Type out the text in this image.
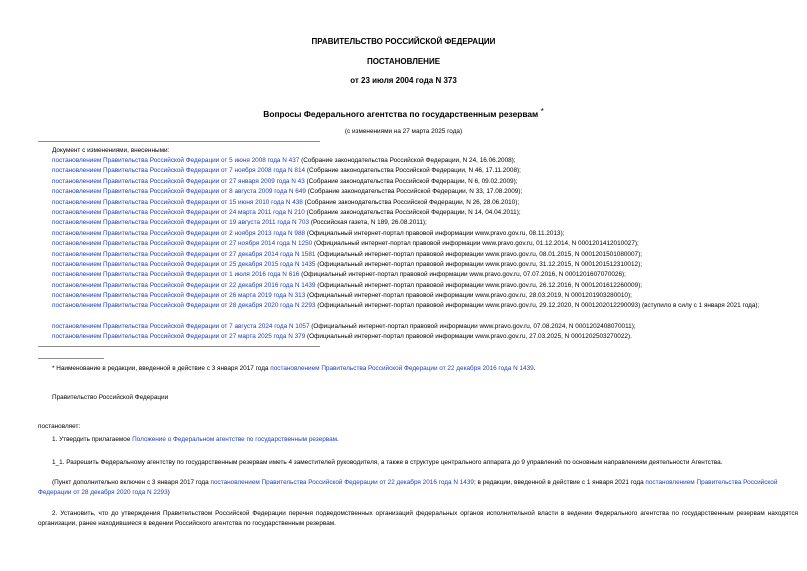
ПРАВИТЕЛЬСТВО РОССИЙСКОЙ ФЕДЕРАЦИИ
ПОСТАНОВЛЕНИЕ
от 23 июля 2004 года N 373
Вопросы Федерального агентства по государственным резервам *
(с изменениями на 27 марта 2025 года)
Документ с изменениями, внесенными:
постановлением Правительства Российской Федерации от 5 июня 2008 года N 437 (Собрание законодательства Российской Федерации, N 24, 16.06.2008);
постановлением Правительства Российской Федерации от 7 ноября 2008 года N 814 (Собрание законодательства Российской Федерации, N 46, 17.11.2008);
постановлением Правительства Российской Федерации от 27 января 2009 года N 43 (Собрание законодательства Российской Федерации, N 6, 09.02.2009);
постановлением Правительства Российской Федерации от 8 августа 2009 года N 649 (Собрание законодательства Российской Федерации, N 33, 17.08.2009);
постановлением Правительства Российской Федерации от 15 июня 2010 года N 438 (Собрание законодательства Российской Федерации, N 26, 28.06.2010);
постановлением Правительства Российской Федерации от 24 марта 2011 года N 210 (Собрание законодательства Российской Федерации, N 14, 04.04.2011);
постановлением Правительства Российской Федерации от 19 августа 2011 года N 703 (Российская газета, N 189, 26.08.2011);
постановлением Правительства Российской Федерации от 2 ноября 2013 года N 988 (Официальный интернет-портал правовой информации www.pravo.gov.ru, 08.11.2013);
постановлением Правительства Российской Федерации от 27 ноября 2014 года N 1250 (Официальный интернет-портал правовой информации www.pravo.gov.ru, 01.12.2014, N 0001201412010027);
постановлением Правительства Российской Федерации от 27 декабря 2014 года N 1581 (Официальный интернет-портал правовой информации www.pravo.gov.ru, 08.01.2015, N 0001201501080007);
постановлением Правительства Российской Федерации от 25 декабря 2015 года N 1435 (Официальный интернет-портал правовой информации www.pravo.gov.ru, 31.12.2015, N 0001201512310012);
постановлением Правительства Российской Федерации от 1 июля 2016 года N 616 (Официальный интернет-портал правовой информации www.pravo.gov.ru, 07.07.2016, N 0001201607070026);
постановлением Правительства Российской Федерации от 22 декабря 2016 года N 1439 (Официальный интернет-портал правовой информации www.pravo.gov.ru, 26.12.2016, N 0001201612260009);
постановлением Правительства Российской Федерации от 26 марта 2019 года N 313 (Официальный интернет-портал правовой информации www.pravo.gov.ru, 28.03.2019, N 0001201903280010);
постановлением Правительства Российской Федерации от 28 декабря 2020 года N 2293 (Официальный интернет-портал правовой информации www.pravo.gov.ru, 29.12.2020, N 0001202012290093) (вступило в силу с 1 января 2021 года);
постановлением Правительства Российской Федерации от 7 августа 2024 года N 1057 (Официальный интернет-портал правовой информации www.pravo.gov.ru, 07.08.2024, N 0001202408070011);
постановлением Правительства Российской Федерации от 27 марта 2025 года N 379 (Официальный интернет-портал правовой информации www.pravo.gov.ru, 27.03.2025, N 0001202503270022).
* Наименование в редакции, введенной в действие с 3 января 2017 года постановлением Правительства Российской Федерации от 22 декабря 2016 года N 1439.
Правительство Российской Федерации
постановляет:
1. Утвердить прилагаемое Положение о Федеральном агентстве по государственным резервам.
1_1. Разрешить Федеральному агентству по государственным резервам иметь 4 заместителей руководителя, а также в структуре центрального аппарата до 9 управлений по основным направлениям деятельности Агентства.
(Пункт дополнительно включен с 3 января 2017 года постановлением Правительства Российской Федерации от 22 декабря 2016 года N 1439; в редакции, введенной в действие с 1 января 2021 года постановлением Правительства Российской Федерации от 28 декабря 2020 года N 2293)
2. Установить, что до утверждения Правительством Российской Федерации перечня подведомственных организаций федеральных органов исполнительной власти в ведении Федерального агентства по государственным резервам находятся организации, ранее находившиеся в ведении Российского агентства по государственным резервам.
